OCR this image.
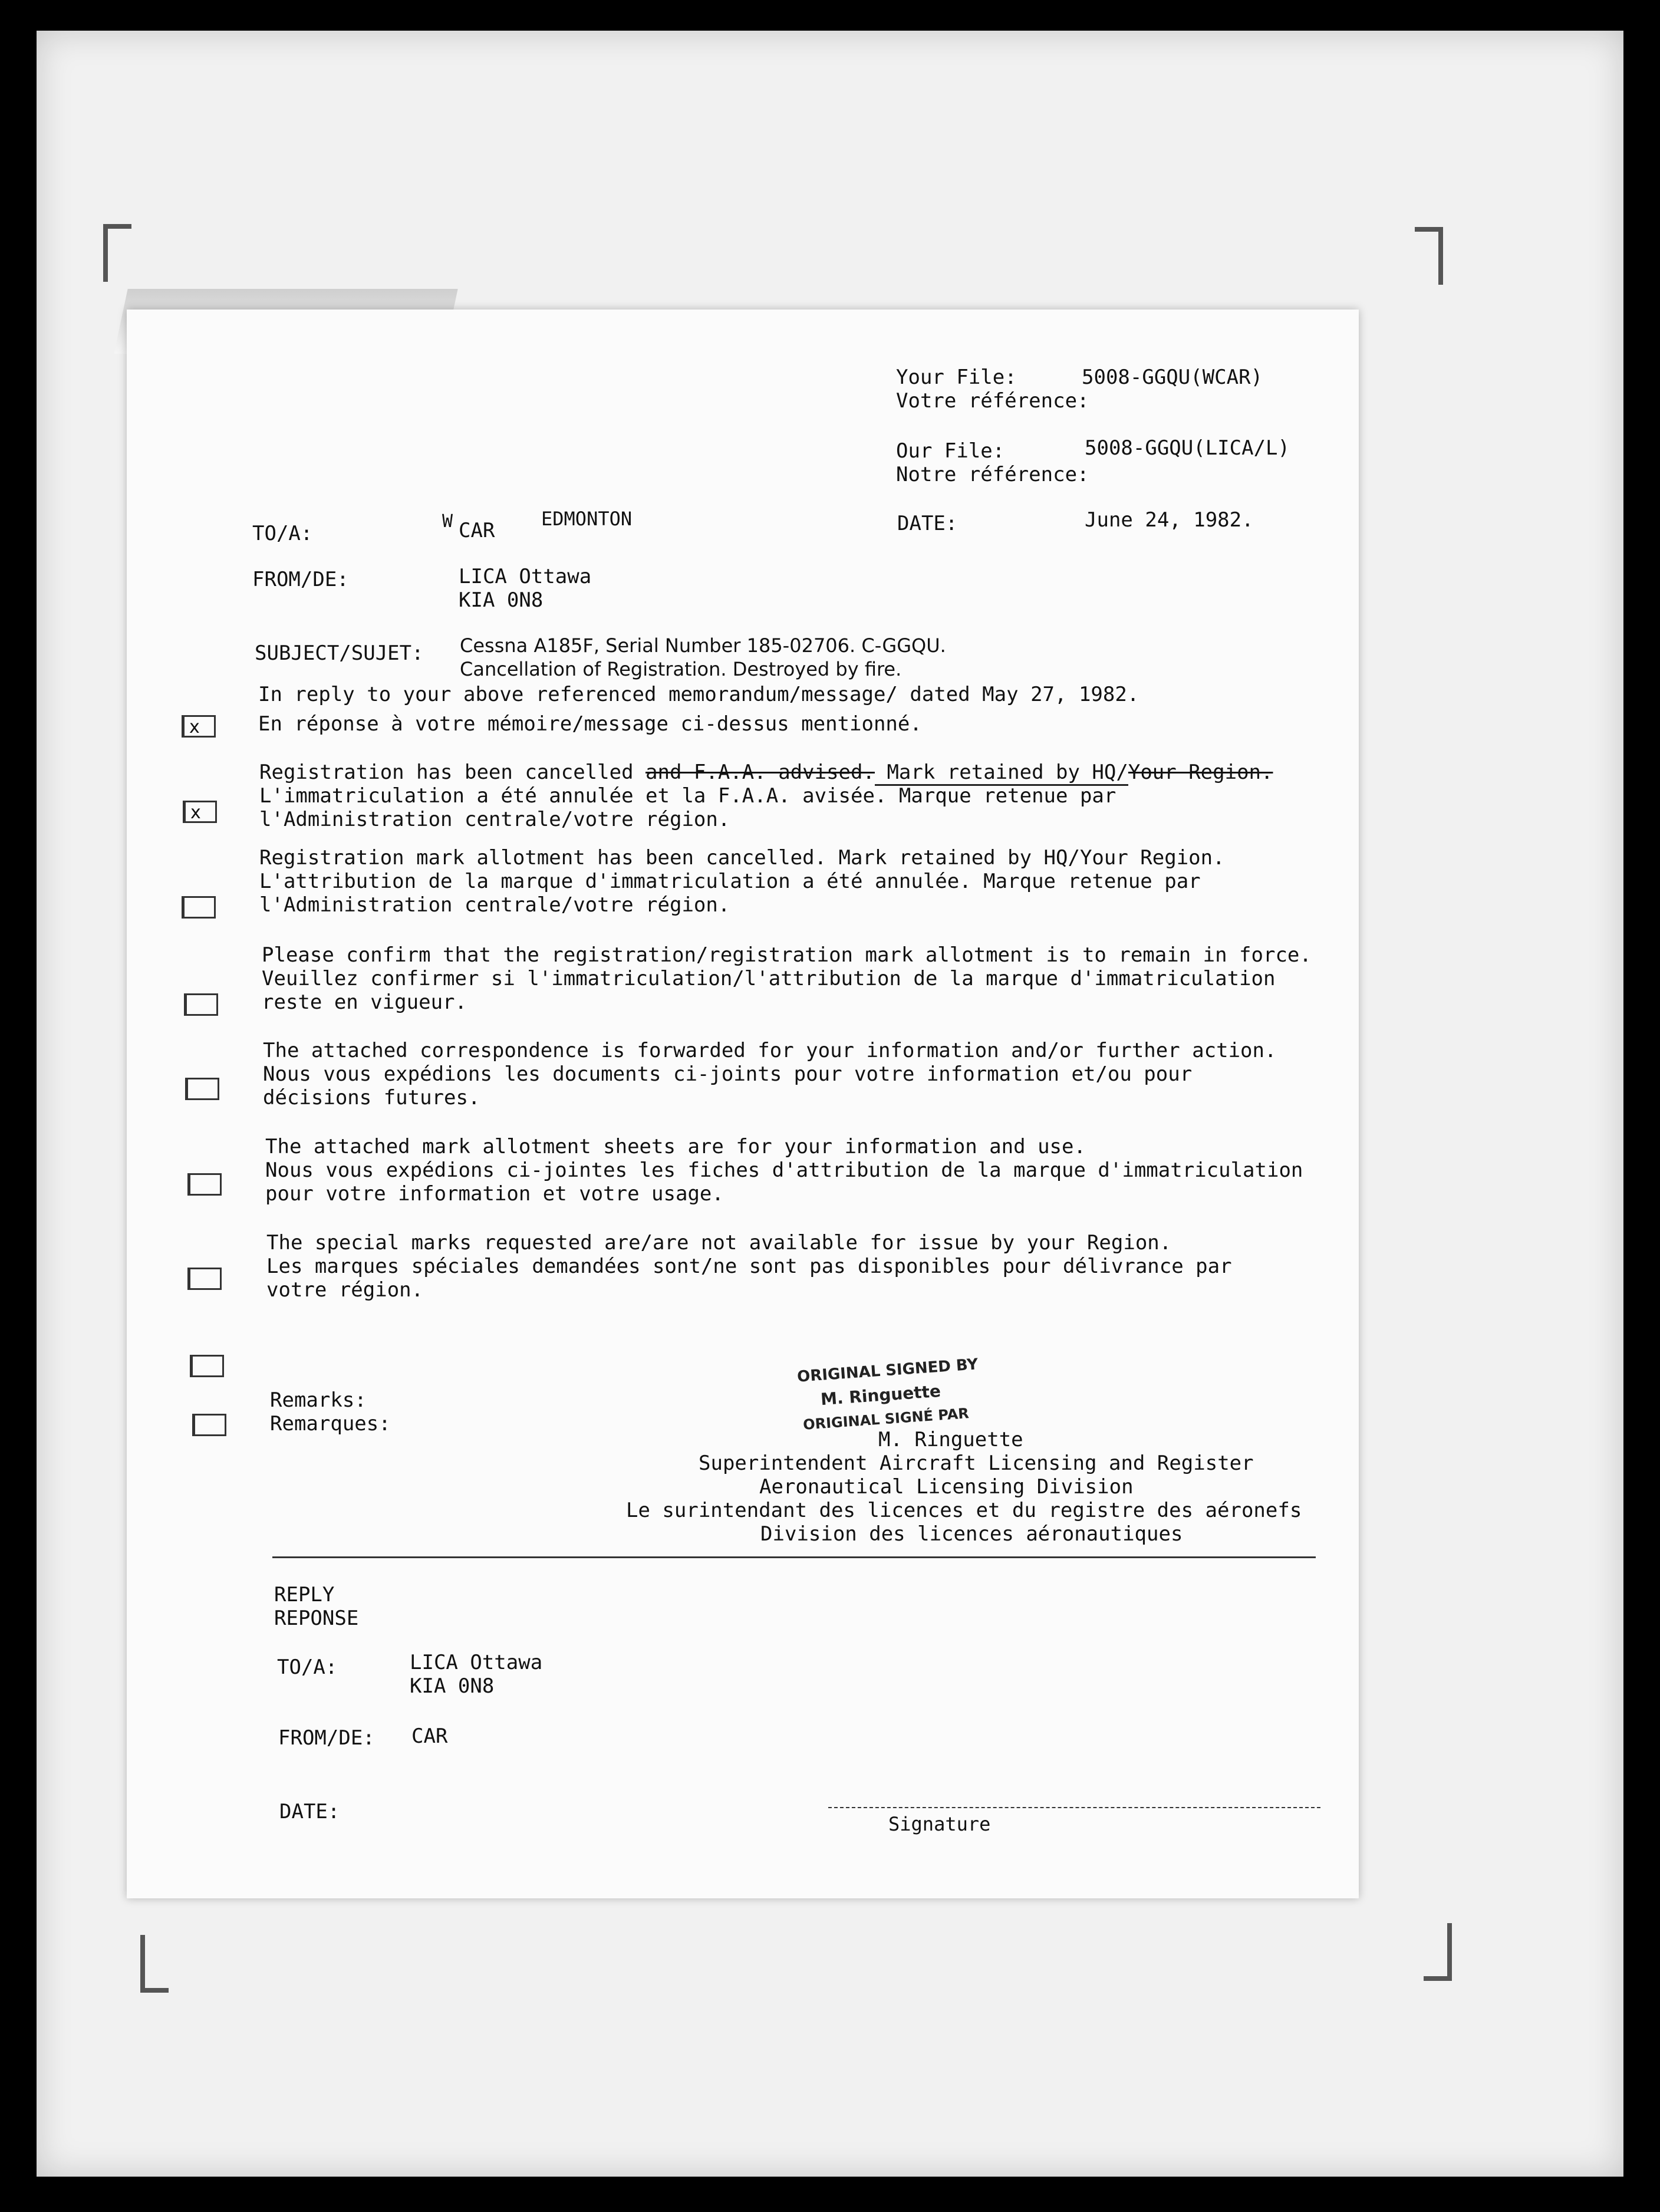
Your File:	5008-GGQU(WCAR)
Votre référence:
Our File:	5008-GGQU(LICA/L)
Notre référence:
DATE:	June 24, 1982.
TO/A:
W CAR EDMONTON
FROM/DE:	LICA Ottawa
KIA 0N8
SUBJECT/SUJET: Cessna A185F, Serial Number 185-02706. C-GGQU.
Cancellation of Registration. Destroyed by fire.
x
In reply to your above referenced memorandum/message/ dated May 27, 1982.
En réponse à votre mémoire/message ci-dessus mentionné.
x
Registration has been cancelled and F.A.A. advised. Mark retained by HQ/Your Region.
L'immatriculation a été annulée et la F.A.A. avisée. Marque retenue par
l'Administration centrale/votre région.
Registration mark allotment has been cancelled. Mark retained by HQ/Your Region.
L'attribution de la marque d'immatriculation a été annulée. Marque retenue par
l'Administration centrale/votre région.
Please confirm that the registration/registration mark allotment is to remain in force.
Veuillez confirmer si l'immatriculation/l'attribution de la marque d'immatriculation
reste en vigueur.
The attached correspondence is forwarded for your information and/or further action.
Nous vous expédions les documents ci-joints pour votre information et/ou pour
décisions futures.
The attached mark allotment sheets are for your information and use.
Nous vous expédions ci-jointes les fiches d'attribution de la marque d'immatriculation
pour votre information et votre usage.
The special marks requested are/are not available for issue by your Region.
Les marques spéciales demandées sont/ne sont pas disponibles pour délivrance par
votre région.
Remarks:
Remarques:
ORIGINAL SIGNED BY
M. Ringuette
ORIGINAL SIGNÉ PAR
M. Ringuette
Superintendent Aircraft Licensing and Register
Aeronautical Licensing Division
Le surintendant des licences et du registre des aéronefs
Division des licences aéronautiques
REPLY
REPONSE
TO/A:	LICA Ottawa
KIA 0N8
FROM/DE: CAR
DATE:
Signature
